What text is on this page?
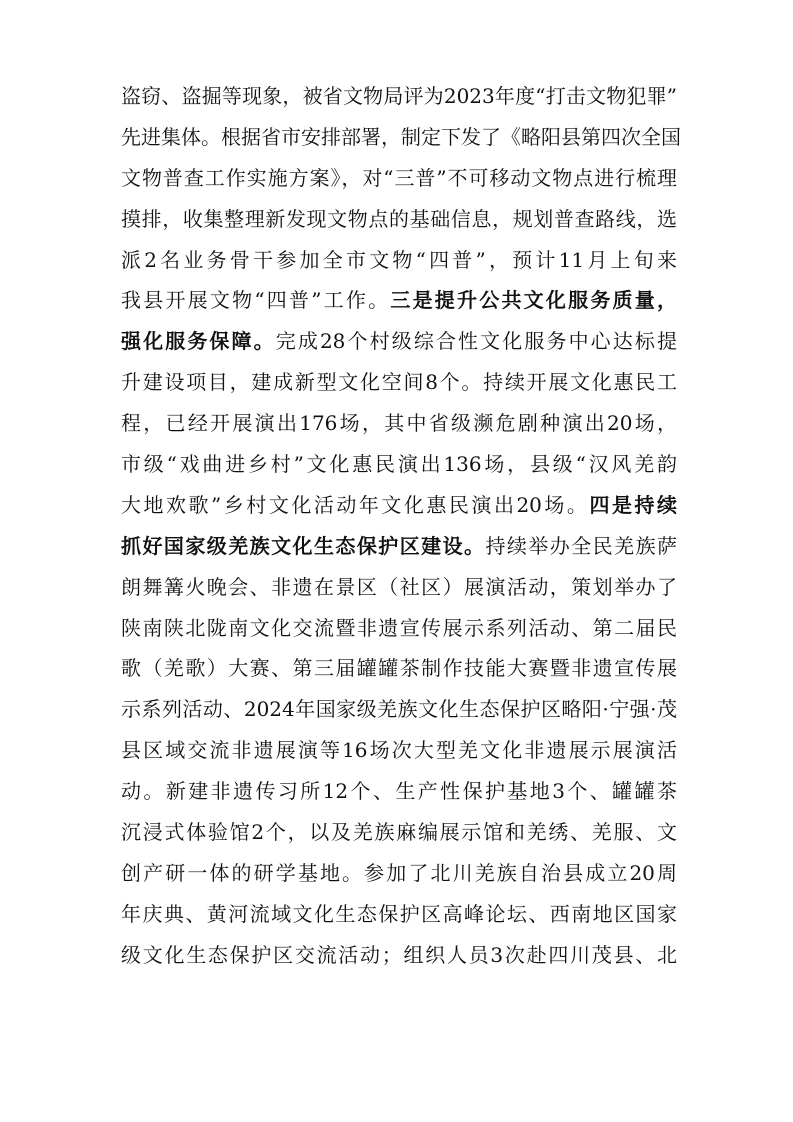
盗窃、盗掘等现象，被省文物局评为2023年度“打击文物犯罪”
先进集体。根据省市安排部署，制定下发了《略阳县第四次全国
文物普查工作实施方案》，对“三普”不可移动文物点进行梳理
摸排，收集整理新发现文物点的基础信息，规划普查路线，选
派2名业务骨干参加全市文物“四普”，预计11月上旬来
我县开展文物“四普”工作。三是提升公共文化服务质量，
强化服务保障。完成28个村级综合性文化服务中心达标提
升建设项目，建成新型文化空间8个。持续开展文化惠民工
程，已经开展演出176场，其中省级濒危剧种演出20场，
市级“戏曲进乡村”文化惠民演出136场，县级“汉风羌韵
大地欢歌”乡村文化活动年文化惠民演出20场。四是持续
抓好国家级羌族文化生态保护区建设。持续举办全民羌族萨
朗舞篝火晚会、非遗在景区（社区）展演活动，策划举办了
陕南陕北陇南文化交流暨非遗宣传展示系列活动、第二届民
歌（羌歌）大赛、第三届罐罐茶制作技能大赛暨非遗宣传展
示系列活动、2024年国家级羌族文化生态保护区略阳·宁强·茂
县区域交流非遗展演等16场次大型羌文化非遗展示展演活
动。新建非遗传习所12个、生产性保护基地3个、罐罐茶
沉浸式体验馆2个，以及羌族麻编展示馆和羌绣、羌服、文
创产研一体的研学基地。参加了北川羌族自治县成立20周
年庆典、黄河流域文化生态保护区高峰论坛、西南地区国家
级文化生态保护区交流活动；组织人员3次赴四川茂县、北
